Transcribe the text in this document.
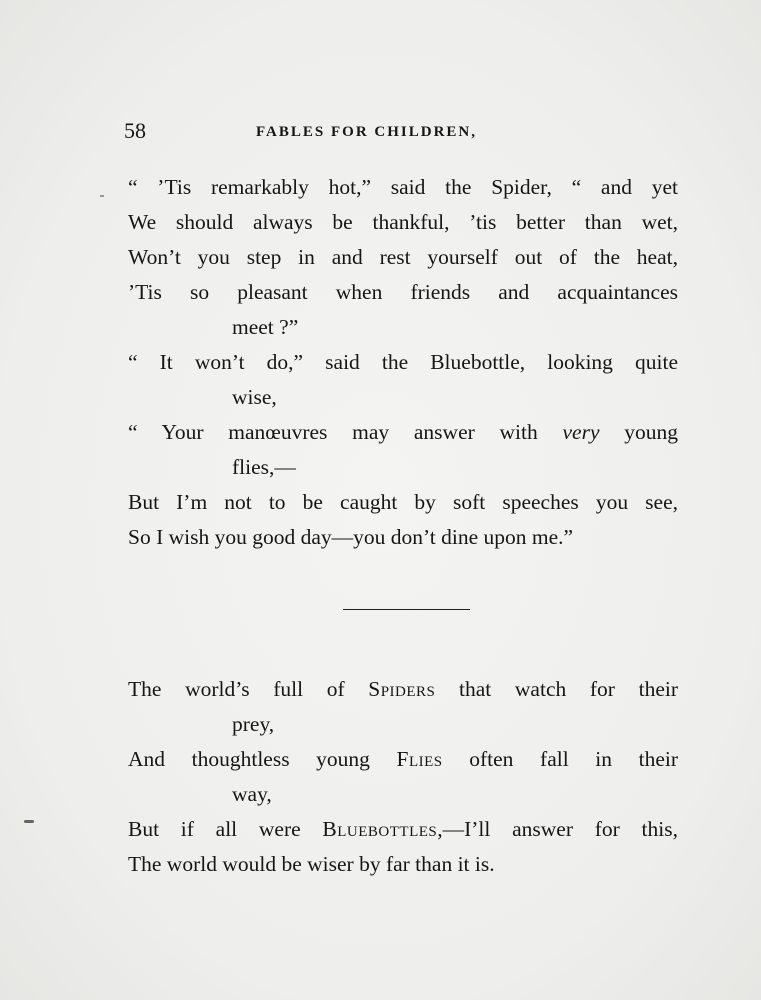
58	FABLES FOR CHILDREN,
“ ’Tis remarkably hot,” said the Spider, “ and yet
We should always be thankful, ’tis better than wet,
Won’t you step in and rest yourself out of the heat,
’Tis so pleasant when friends and acquaintances
meet ?”
“ It won’t do,” said the Bluebottle, looking quite
wise,
“ Your manœuvres may answer with very young
flies,—
But I’m not to be caught by soft speeches you see,
So I wish you good day—you don’t dine upon me.”
The world’s full of Spiders that watch for their
prey,
And thoughtless young Flies often fall in their
way,
But if all were Bluebottles,—I’ll answer for this,
The world would be wiser by far than it is.
